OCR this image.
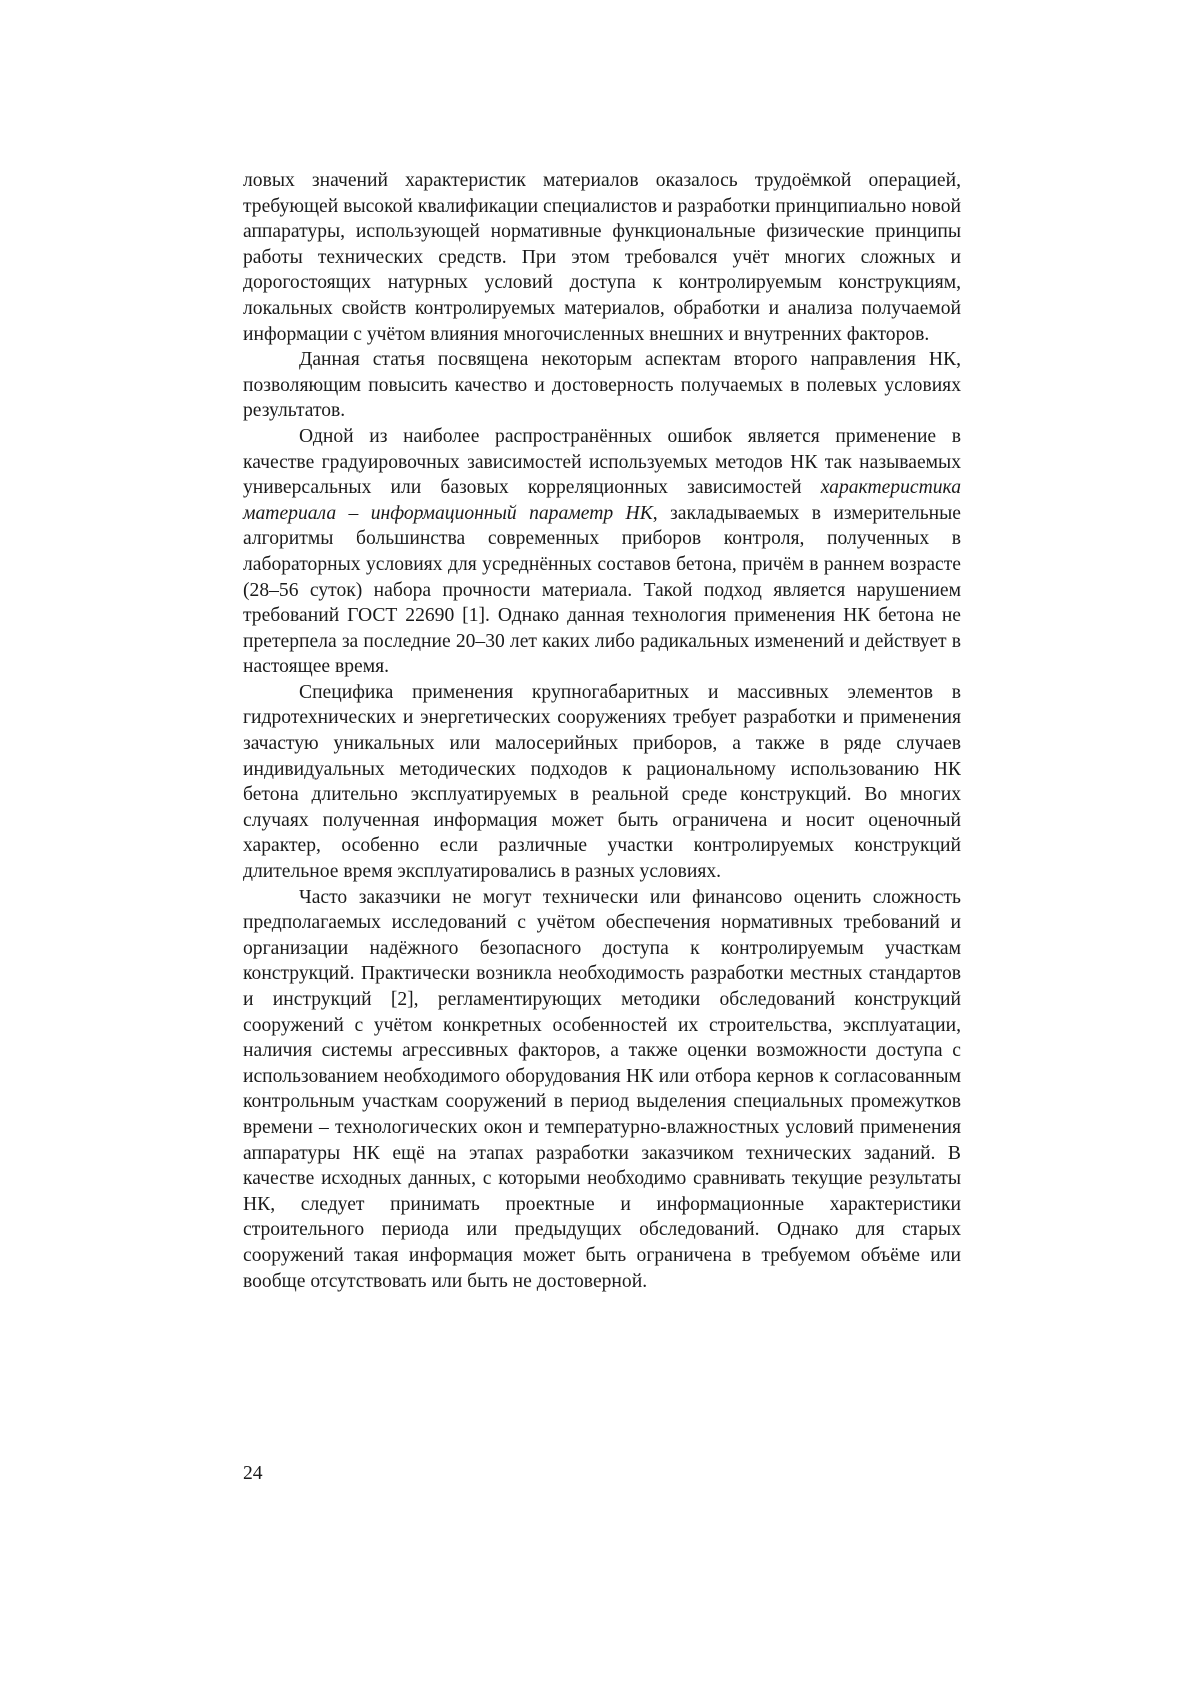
ловых значений характеристик материалов оказалось трудоёмкой операцией, требующей высокой квалификации специалистов и разработки принципиально новой аппаратуры, использующей нормативные функциональные физические принципы работы технических средств. При этом требовался учёт многих сложных и дорогостоящих натурных условий доступа к контролируемым конструкциям, локальных свойств контролируемых материалов, обработки и анализа получаемой информации с учётом влияния многочисленных внешних и внутренних факторов.

Данная статья посвящена некоторым аспектам второго направления НК, позволяющим повысить качество и достоверность получаемых в полевых условиях результатов.

Одной из наиболее распространённых ошибок является применение в качестве градуировочных зависимостей используемых методов НК так называемых универсальных или базовых корреляционных зависимостей характеристика материала – информационный параметр НК, закладываемых в измерительные алгоритмы большинства современных приборов контроля, полученных в лабораторных условиях для усреднённых составов бетона, причём в раннем возрасте (28–56 суток) набора прочности материала. Такой подход является нарушением требований ГОСТ 22690 [1]. Однако данная технология применения НК бетона не претерпела за последние 20–30 лет каких либо радикальных изменений и действует в настоящее время.

Специфика применения крупногабаритных и массивных элементов в гидротехнических и энергетических сооружениях требует разработки и применения зачастую уникальных или малосерийных приборов, а также в ряде случаев индивидуальных методических подходов к рациональному использованию НК бетона длительно эксплуатируемых в реальной среде конструкций. Во многих случаях полученная информация может быть ограничена и носит оценочный характер, особенно если различные участки контролируемых конструкций длительное время эксплуатировались в разных условиях.

Часто заказчики не могут технически или финансово оценить сложность предполагаемых исследований с учётом обеспечения нормативных требований и организации надёжного безопасного доступа к контролируемым участкам конструкций. Практически возникла необходимость разработки местных стандартов и инструкций [2], регламентирующих методики обследований конструкций сооружений с учётом конкретных особенностей их строительства, эксплуатации, наличия системы агрессивных факторов, а также оценки возможности доступа с использованием необходимого оборудования НК или отбора кернов к согласованным контрольным участкам сооружений в период выделения специальных промежутков времени – технологических окон и температурно-влажностных условий применения аппаратуры НК ещё на этапах разработки заказчиком технических заданий. В качестве исходных данных, с которыми необходимо сравнивать текущие результаты НК, следует принимать проектные и информационные характеристики строительного периода или предыдущих обследований. Однако для старых сооружений такая информация может быть ограничена в требуемом объёме или вообще отсутствовать или быть не достоверной.

24
